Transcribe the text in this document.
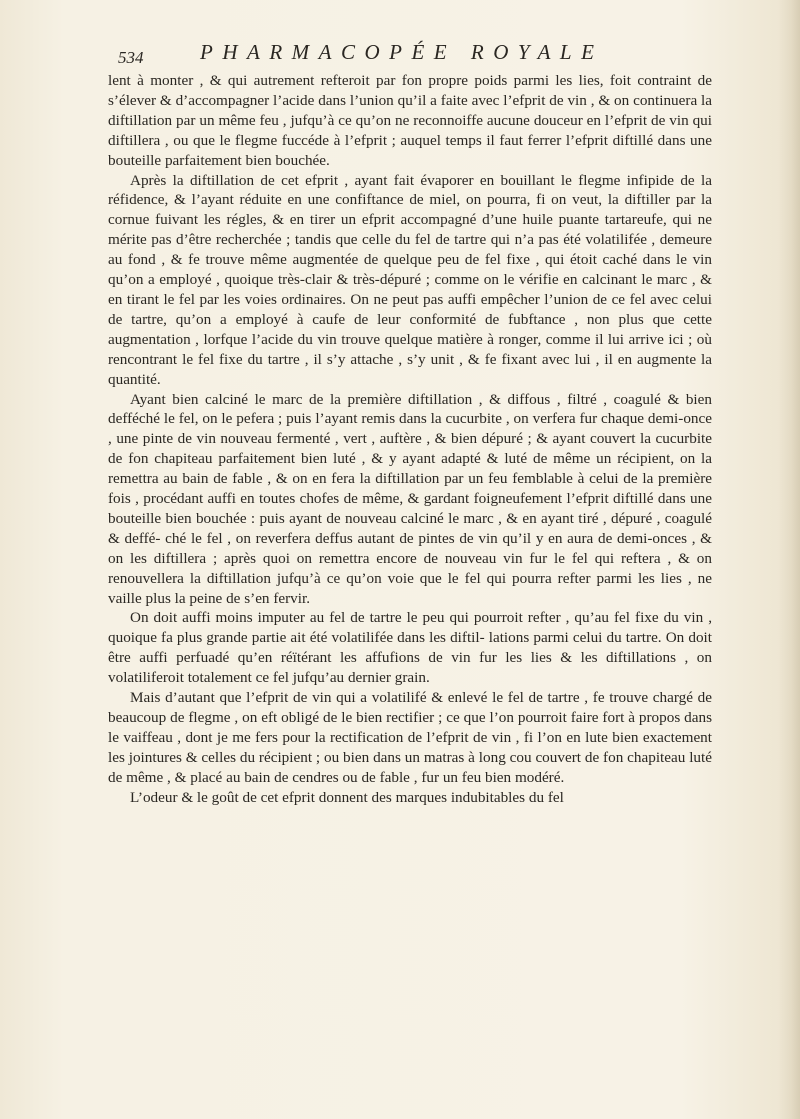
534	PHARMACOPÉE ROYALE

lent à monter , & qui autrement refteroit par fon propre poids parmi les lies, foit contraint de s’élever & d’accompagner l’acide dans l’union qu’il a faite avec l’efprit de vin , & on continuera la diftillation par un même feu , jufqu’à ce qu’on ne reconnoiffe aucune douceur en l’efprit de vin qui diftillera , ou que le flegme fuccéde à l’efprit ; auquel temps il faut ferrer l’efprit diftillé dans une bouteille parfaitement bien bouchée.

Après la diftillation de cet efprit , ayant fait évaporer en bouillant le flegme infipide de la réfidence, & l’ayant réduite en une confiftance de miel, on pourra, fi on veut, la diftiller par la cornue fuivant les régles, & en tirer un efprit accompagné d’une huile puante tartareufe, qui ne mérite pas d’être recherchée ; tandis que celle du fel de tartre qui n’a pas été volatilifée , demeure au fond , & fe trouve même augmentée de quelque peu de fel fixe , qui étoit caché dans le vin qu’on a employé , quoique très-clair & très-dépuré ; comme on le vérifie en calcinant le marc , & en tirant le fel par les voies ordinaires. On ne peut pas auffi empêcher l’union de ce fel avec celui de tartre, qu’on a employé à caufe de leur conformité de fubftance , non plus que cette augmentation , lorfque l’acide du vin trouve quelque matière à ronger, comme il lui arrive ici ; où rencontrant le fel fixe du tartre , il s’y attache , s’y unit , & fe fixant avec lui , il en augmente la quantité.

Ayant bien calciné le marc de la première diftillation , & diffous , filtré , coagulé & bien defféché le fel, on le pefera ; puis l’ayant remis dans la cucurbite , on verfera fur chaque demi-once , une pinte de vin nouveau fermenté , vert , auftère , & bien dépuré ; & ayant couvert la cucurbite de fon chapiteau parfaitement bien luté , & y ayant adapté & luté de même un récipient, on la remettra au bain de fable , & on en fera la diftillation par un feu femblable à celui de la première fois , procédant auffi en toutes chofes de même, & gardant foigneufement l’efprit diftillé dans une bouteille bien bouchée : puis ayant de nouveau calciné le marc , & en ayant tiré , dépuré , coagulé & deffé- ché le fel , on reverfera deffus autant de pintes de vin qu’il y en aura de demi-onces , & on les diftillera ; après quoi on remettra encore de nouveau vin fur le fel qui reftera , & on renouvellera la diftillation jufqu’à ce qu’on voie que le fel qui pourra refter parmi les lies , ne vaille plus la peine de s’en fervir.

On doit auffi moins imputer au fel de tartre le peu qui pourroit refter , qu’au fel fixe du vin , quoique fa plus grande partie ait été volatilifée dans les diftil- lations parmi celui du tartre. On doit être auffi perfuadé qu’en réïtérant les affufions de vin fur les lies & les diftillations , on volatiliferoit totalement ce fel jufqu’au dernier grain.

Mais d’autant que l’efprit de vin qui a volatilifé & enlevé le fel de tartre , fe trouve chargé de beaucoup de flegme , on eft obligé de le bien rectifier ; ce que l’on pourroit faire fort à propos dans le vaiffeau , dont je me fers pour la rectification de l’efprit de vin , fi l’on en lute bien exactement les jointures & celles du récipient ; ou bien dans un matras à long cou couvert de fon chapiteau luté de même , & placé au bain de cendres ou de fable , fur un feu bien modéré.

L’odeur & le goût de cet efprit donnent des marques indubitables du fel
